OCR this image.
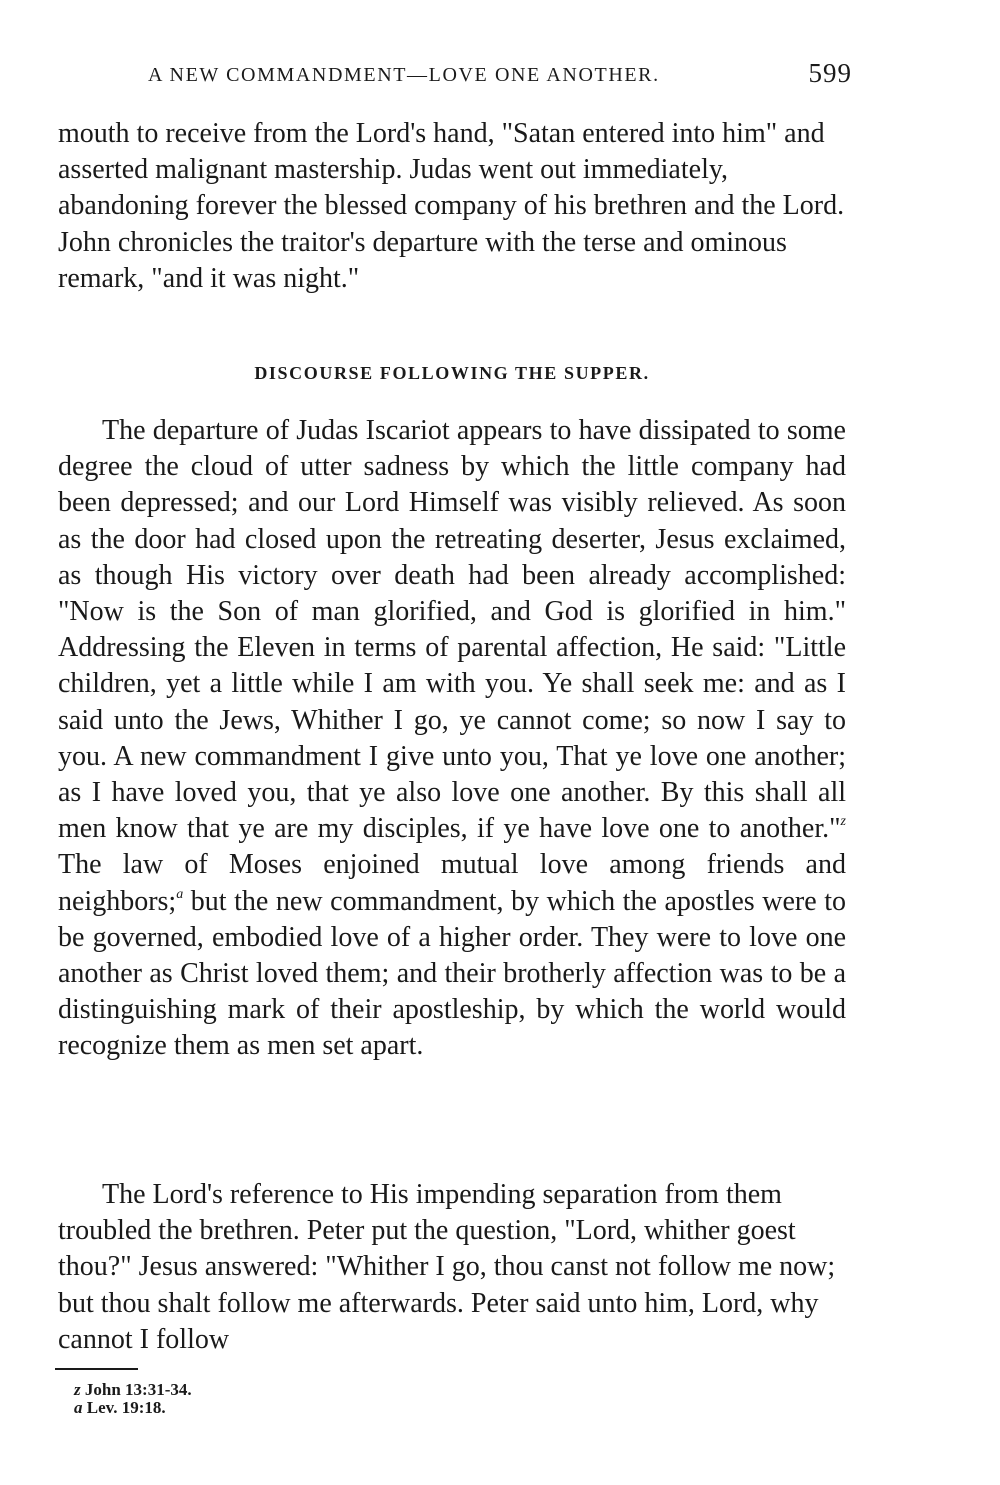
A NEW COMMANDMENT—LOVE ONE ANOTHER.	599

mouth to receive from the Lord's hand, "Satan entered into him" and asserted malignant mastership. Judas went out immediately, abandoning forever the blessed company of his brethren and the Lord. John chronicles the traitor's departure with the terse and ominous remark, "and it was night."

DISCOURSE FOLLOWING THE SUPPER.

The departure of Judas Iscariot appears to have dissipated to some degree the cloud of utter sadness by which the little company had been depressed; and our Lord Himself was visibly relieved. As soon as the door had closed upon the retreating deserter, Jesus exclaimed, as though His victory over death had been already accomplished: "Now is the Son of man glorified, and God is glorified in him." Addressing the Eleven in terms of parental affection, He said: "Little children, yet a little while I am with you. Ye shall seek me: and as I said unto the Jews, Whither I go, ye cannot come; so now I say to you. A new commandment I give unto you, That ye love one another; as I have loved you, that ye also love one another. By this shall all men know that ye are my disciples, if ye have love one to another."$^z$ The law of Moses enjoined mutual love among friends and neighbors;$^a$ but the new commandment, by which the apostles were to be governed, embodied love of a higher order. They were to love one another as Christ loved them; and their brotherly affection was to be a distinguishing mark of their apostleship, by which the world would recognize them as men set apart.

The Lord's reference to His impending separation from them troubled the brethren. Peter put the question, "Lord, whither goest thou?" Jesus answered: "Whither I go, thou canst not follow me now; but thou shalt follow me afterwards. Peter said unto him, Lord, why cannot I follow

z John 13:31-34.
a Lev. 19:18.
